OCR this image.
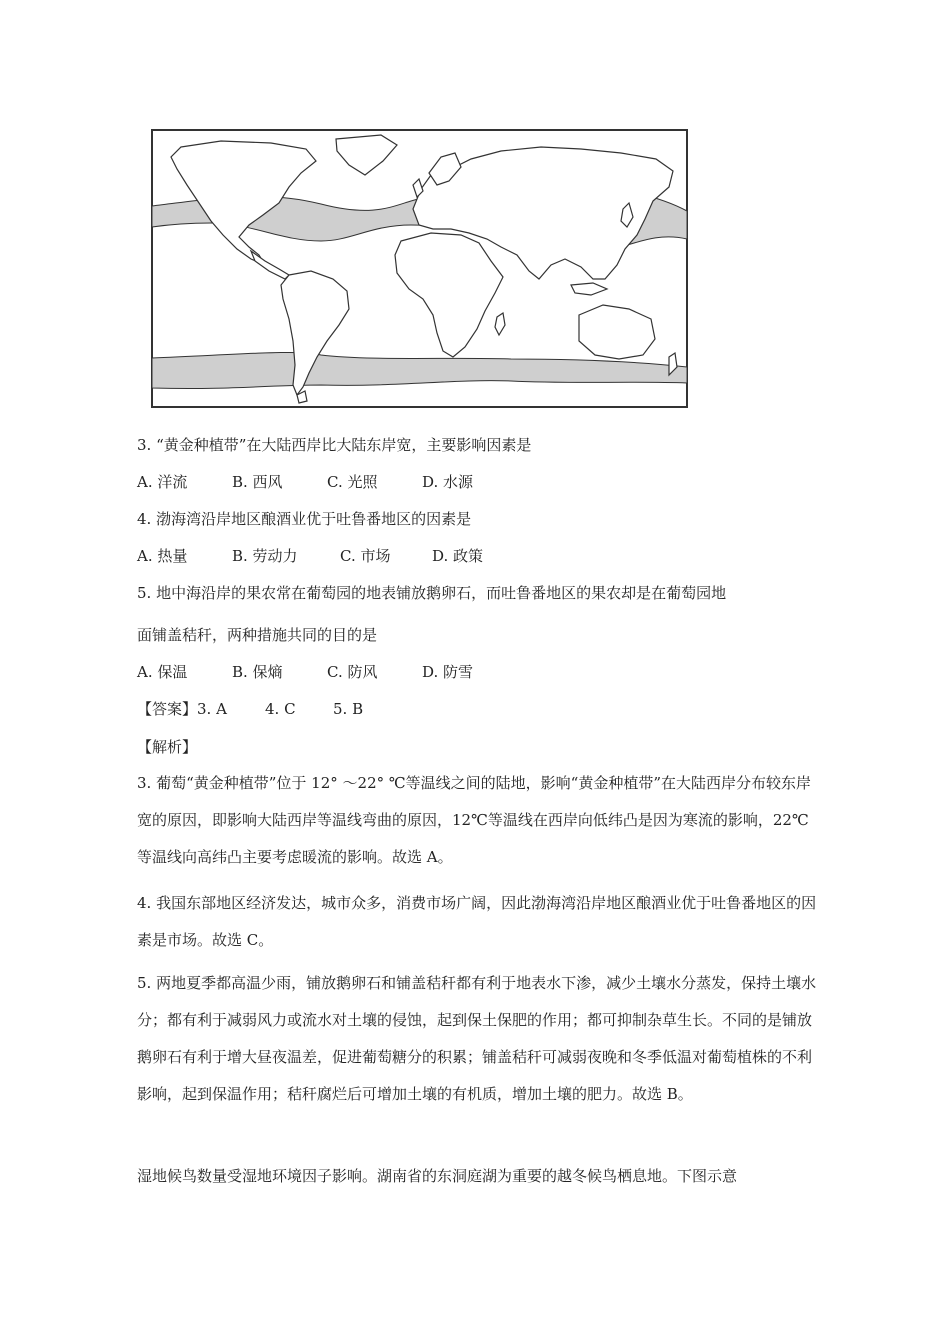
3. “黄金种植带”在大陆西岸比大陆东岸宽，主要影响因素是
A. 洋流	B. 西风	C. 光照	D. 水源
4. 渤海湾沿岸地区酿酒业优于吐鲁番地区的因素是
A. 热量	B. 劳动力	C. 市场	D. 政策
5. 地中海沿岸的果农常在葡萄园的地表铺放鹅卵石，而吐鲁番地区的果农却是在葡萄园地
面铺盖秸秆，两种措施共同的目的是
A. 保温	B. 保熵	C. 防风	D. 防雪
【答案】3. A	4. C 5. B
【解析】
3. 葡萄“黄金种植带”位于 12° ～22° ℃等温线之间的陆地，影响“黄金种植带”在大陆西岸分布较东岸宽的原因，即影响大陆西岸等温线弯曲的原因，12℃等温线在西岸向低纬凸是因为寒流的影响，22℃等温线向高纬凸主要考虑暖流的影响。故选 A。
4. 我国东部地区经济发达，城市众多，消费市场广阔，因此渤海湾沿岸地区酿酒业优于吐鲁番地区的因素是市场。故选 C。
5. 两地夏季都高温少雨，铺放鹅卵石和铺盖秸秆都有利于地表水下渗，减少土壤水分蒸发，保持土壤水分；都有利于减弱风力或流水对土壤的侵蚀，起到保土保肥的作用；都可抑制杂草生长。不同的是铺放鹅卵石有利于增大昼夜温差，促进葡萄糖分的积累；铺盖秸秆可减弱夜晚和冬季低温对葡萄植株的不利影响，起到保温作用；秸秆腐烂后可增加土壤的有机质，增加土壤的肥力。故选 B。
湿地候鸟数量受湿地环境因子影响。湖南省的东洞庭湖为重要的越冬候鸟栖息地。下图示意
